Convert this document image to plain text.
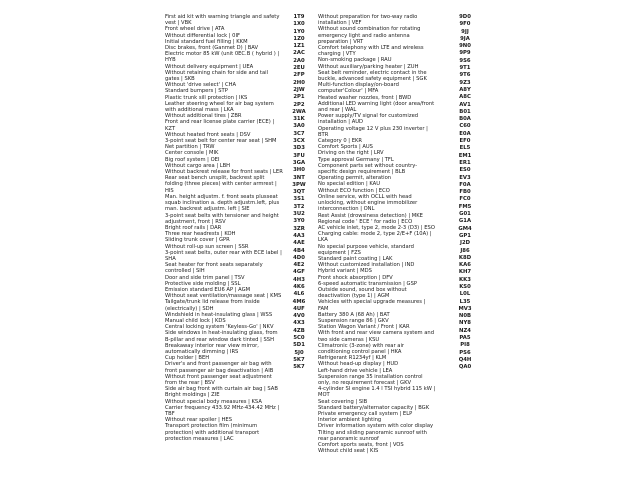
First aid kit with warning triangle and safety vest | VBK
Front wheel drive | ATA
Without differential lock | 0IF
Initial standard fuel filling | KKM
Disc brakes, front (Ganmet D) | BAV
Electric motor 85 kW (unit 0EC.B ( hybrid ) | HYB
Without delivery equipment | UEA
Without retaining chain for side and tail gates | SKB
Without 'drive select' | CHA
Standard bumpers | STP
Plastic trunk sill protection | IKS
Leather steering wheel for air bag system with additional mass | LKA
Without additional tires | ZBR
Front and rear license plate carrier (ECE) | KZT
Without heated front seats | DSV
3-point seat belt for center rear seat | SHM
Net partition | TRW
Center console | MIK
Big roof system | OEI
Without cargo area | LBH
Without backrest release for front seats | LER
Rear seat bench unsplit, backrest split folding (three pieces) with center armrest | HIS
Man. height adjustm. f. front seats plusseat squab inclination a. depth adjustm.left, plus man. backrest adjustm. left | SIE
3-point seat belts with tensioner and height adjustment, front | RSV
Bright roof rails | DAR
Three rear headrests | KOH
Sliding trunk cover | GPR
Without roll-up sun screen | SSR
3-point seat belts, outer rear with ECE label | SHA
Seat heater for front seats separately controlled | SIH
Door and side trim panel | TSV
Protective side molding | SSL
Emission standard EU6 AP | AGM
Without seat ventilation/massage seat | KMS
Tailgate/trunk lid release from inside (electrically) | SDH
Windshield in heat-insulating glass | WSS
Manual child lock | KDS
Central locking system 'Keyless-Go' | NKV
Side windows in heat-insulating glass, from B-pillar and rear window dark tinted | SSH
Breakaway interior rear view mirror, automatically dimming | IRS
Cup holder | BEH
Driver's and front passenger air bag with front passenger air bag deactivation | AIB
Without front passenger seat adjustment from the rear | BSV
Side air bag front with curtain air bag | SAB
Bright moldings | ZIE
Without special body measures | KSA
Carrier frequency 433.92 MHz-434.42 MHz | TBF
Without rear spoiler | HES
Transport protection film (minimum protection) with additional transport protection measures | LAC
1T9
1X0
1Y0
1Z0
1Z1
2AC
2A0
2EU
2FP
2H0
2JW
2P1
2P2
2WA
31K
3A0
3C7
3CX
3D3
3FU
3GA
3H0
3NT
3PW
3QT
3S1
3T2
3U2
3Y0
3ZR
4A3
4AE
4B4
4D0
4E2
4GF
4H3
4K6
4L6
4M6
4UF
4V0
4X3
4ZB
5C0
5D1
5J0
5K7
5K7
Without preparation for two-way radio installation | VEF
Without sound combination for rotating emergency light and radio antenna preparation | VRT
Comfort telephony with LTE and wireless charging | VTY
Non-smoking package | RAU
Without auxiliary/parking heater | ZUH
Seat belt reminder, electric contact in the buckle, advanced safety equipment | SGK
Multi-function display/on-board computer'Colour' | MFA
Heated washer nozzles, front | BWD
Additional LED warning light (door area/front and rear | WAL
Power supply/TV signal for customized installation | AUD
Operating voltage 12 V plus 230 inverter | BTR
Category 0 | EKR
Comfort Sports | AUS
Driving on the right | LRV
Type approval Germany | TFL
Component parts set without country-specific design requirement | BLB
Operating permit, alteration
No special edition | KAU
Without ECO function | ECO
Online service, with OCLL with head unlocking, without engine immobilizer interconnection | ONL
Rest Assist (drowsiness detection) | MKE
Regional code ' ECE ' for radio | ECO
AC vehicle inlet, type 2, mode 2-3 (D3) | ESO
Charging cable: mode 2, type 2/E+F (10A) | LKA
No special purpose vehicle, standard equipment | FZS
Standard paint coating | LAK
Without customized installation | IND
Hybrid variant | MDS
Front shock absorption | DFV
6-speed automatic transmission | GSP
Outside sound, sound box without deactivation (type 1) | AGM
Vehicles with special upgrade measures | FAM
Battery 380 A (68 Ah) | BAT
Suspension range 86 | GKV
Station Wagon Variant / Front | KAR
With front and rear view camera system and two side cameras | KSU
Climatronic (3-zone) with rear air conditioning control panel | HKA
Refrigerant R1234yf | KLM
Without head-up display | HUD
Left-hand drive vehicle | LEA
Suspension range 35 installation control only, no requirement forecast | GKV
4-cylinder SI engine 1.4 l TSI hybrid 115 kW | MOT
Seat covering | SIB
Standard battery/alternator capacity | BGK
Private emergency call system | ELP
Interior ambient lighting
Driver information system with color display
Tilting and sliding panoramic sunroof with rear panoramic sunroof
Comfort sports seats, front | VOS
Without child seat | KIS
9D0
9F0
9JJ
9JA
9N0
9P9
9S6
9T1
9T6
9Z3
A8Y
A8C
AV1
B01
B0A
C60
E0A
EF0
EL5
EM1
ER1
ES0
EV3
F0A
FB0
FC0
FM5
G01
G1A
GM4
GP1
J2D
J86
K8D
KA6
KH7
KK3
KS0
L0L
L35
MV3
N0B
NY8
NZ4
PA5
PI8
PS6
Q4H
QA0
